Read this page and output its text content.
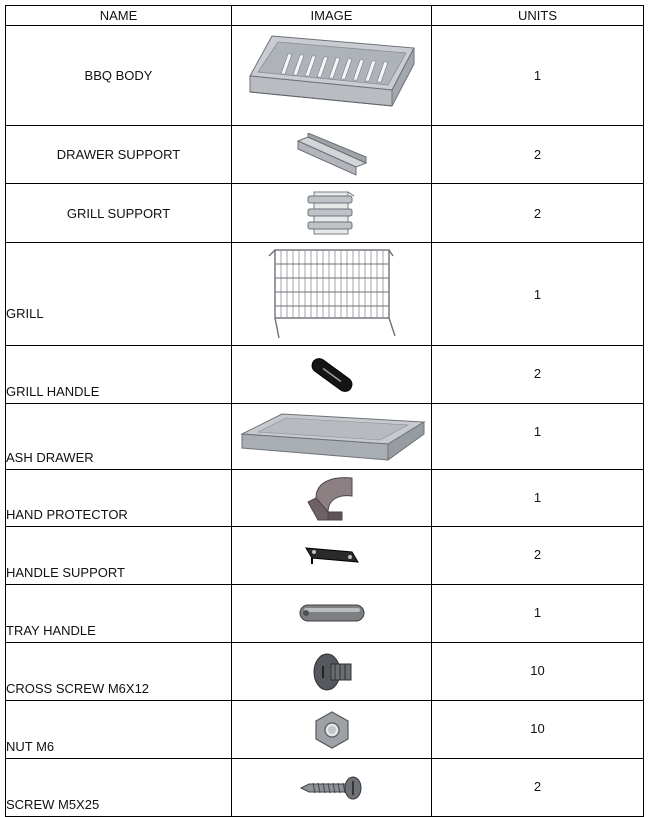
NAME	IMAGE	UNITS
BBQ BODY		1
DRAWER SUPPORT		2
GRILL SUPPORT		2
GRILL		1
GRILL HANDLE		2
ASH DRAWER		1
HAND PROTECTOR		1
HANDLE SUPPORT		2
TRAY HANDLE		1
CROSS SCREW M6X12		10
NUT M6		10
SCREW M5X25		2
